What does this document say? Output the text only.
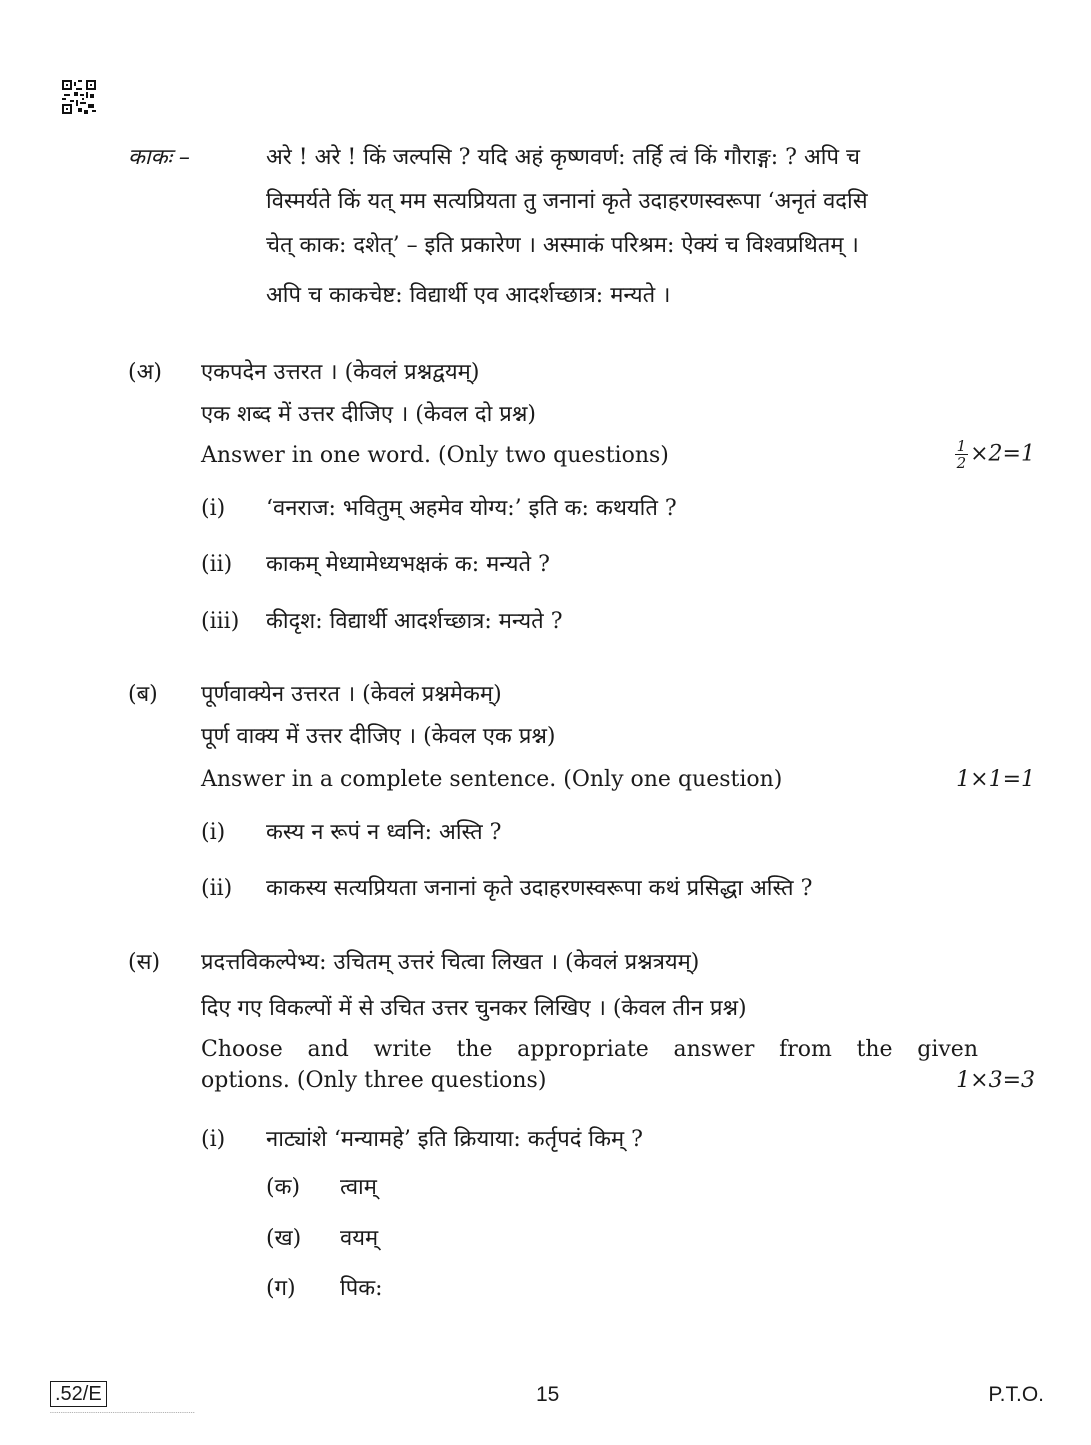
काकः –	अरे ! अरे ! किं जल्पसि ? यदि अहं कृष्णवर्ण: तर्हि त्वं किं गौराङ्ग: ? अपि च
विस्मर्यते किं यत् मम सत्यप्रियता तु जनानां कृते उदाहरणस्वरूपा ‘अनृतं वदसि
चेत् काक: दशेत्’ – इति प्रकारेण । अस्माकं परिश्रम: ऐक्यं च विश्वप्रथितम् ।
अपि च काकचेष्ट: विद्यार्थी एव आदर्शच्छात्र: मन्यते ।
(अ) एकपदेन उत्तरत । (केवलं प्रश्नद्वयम्)
एक शब्द में उत्तर दीजिए । (केवल दो प्रश्न)
Answer in one word. (Only two questions)	$\frac{1}{2} \times 2=1$
(i) ‘वनराज: भवितुम् अहमेव योग्य:’ इति क: कथयति ?
(ii) काकम् मेध्यामेध्यभक्षकं क: मन्यते ?
(iii) कीदृश: विद्यार्थी आदर्शच्छात्र: मन्यते ?
(ब) पूर्णवाक्येन उत्तरत । (केवलं प्रश्नमेकम्)
पूर्ण वाक्य में उत्तर दीजिए । (केवल एक प्रश्न)
Answer in a complete sentence. (Only one question)	1×1=1
(i) कस्य न रूपं न ध्वनि: अस्ति ?
(ii) काकस्य सत्यप्रियता जनानां कृते उदाहरणस्वरूपा कथं प्रसिद्धा अस्ति ?
(स) प्रदत्तविकल्पेभ्य: उचितम् उत्तरं चित्वा लिखत । (केवलं प्रश्नत्रयम्)
दिए गए विकल्पों में से उचित उत्तर चुनकर लिखिए । (केवल तीन प्रश्न)
Choose and write the appropriate answer from the given
options. (Only three questions)	1×3=3
(i) नाट्यांशे ‘मन्यामहे’ इति क्रियाया: कर्तृपदं किम् ?
(क) त्वाम्
(ख) वयम्
(ग) पिक:
.52/E
-------------------------------------------------------------------
15	P.T.O.
